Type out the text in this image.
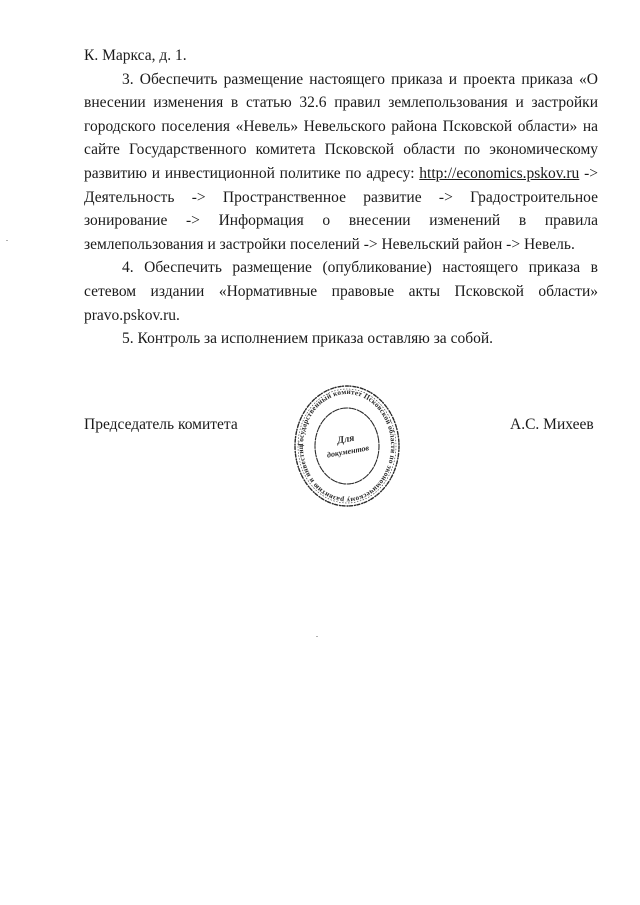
К. Маркса, д. 1.
3. Обеспечить размещение настоящего приказа и проекта приказа «О
внесении изменения в статью 32.6 правил землепользования и застройки
городского поселения «Невель» Невельского района Псковской области» на
сайте Государственного комитета Псковской области по экономическому
развитию и инвестиционной политике по адресу: http://economics.pskov.ru ->
Деятельность -> Пространственное развитие -> Градостроительное
зонирование -> Информация о внесении изменений в правила
землепользования и застройки поселений -> Невельский район -> Невель.
4. Обеспечить размещение (опубликование) настоящего приказа в
сетевом издании «Нормативные правовые акты Псковской области»
pravo.pskov.ru.
5. Контроль за исполнением приказа оставляю за собой.
Председатель комитета	А.С. Михеев
Государственный комитет Псковской области по экономическому развитию и инвестиц
Для
документов
